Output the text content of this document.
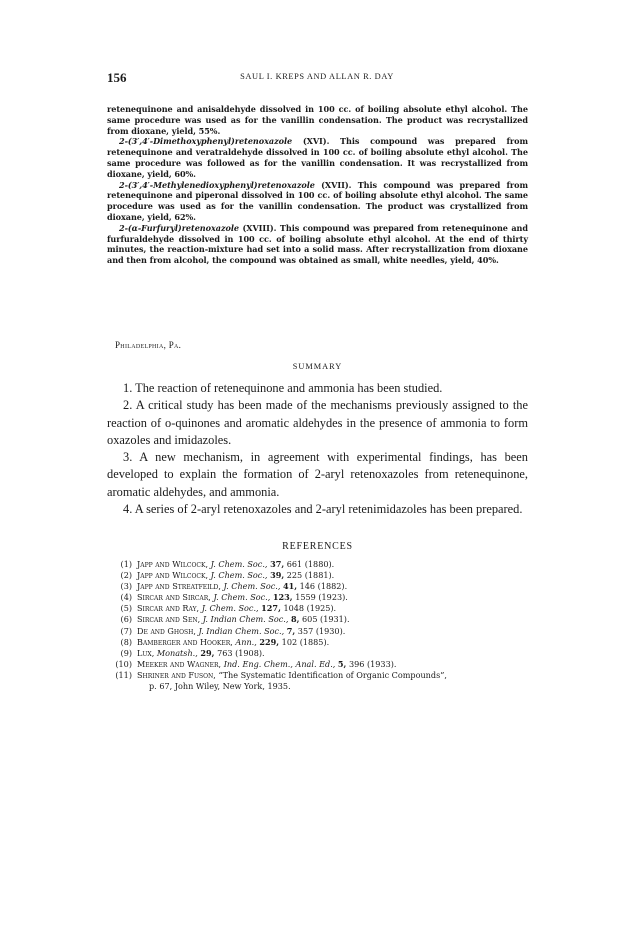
156	SAUL I. KREPS AND ALLAN R. DAY

retenequinone and anisaldehyde dissolved in 100 cc. of boiling absolute ethyl alcohol. The same procedure was used as for the vanillin condensation. The product was recrystallized from dioxane, yield, 55%.

2-(3′,4′-Dimethoxyphenyl)retenoxazole (XVI). This compound was prepared from retenequinone and veratraldehyde dissolved in 100 cc. of boiling absolute ethyl alcohol. The same procedure was followed as for the vanillin condensation. It was recrystallized from dioxane, yield, 60%.

2-(3′,4′-Methylenedioxyphenyl)retenoxazole (XVII). This compound was prepared from retenequinone and piperonal dissolved in 100 cc. of boiling absolute ethyl alcohol. The same procedure was used as for the vanillin condensation. The product was crystallized from dioxane, yield, 62%.

2-(α-Furfuryl)retenoxazole (XVIII). This compound was prepared from retenequinone and furfuraldehyde dissolved in 100 cc. of boiling absolute ethyl alcohol. At the end of thirty minutes, the reaction-mixture had set into a solid mass. After recrystallization from dioxane and then from alcohol, the compound was obtained as small, white needles, yield, 40%.

Philadelphia, Pa.
SUMMARY

1. The reaction of retenequinone and ammonia has been studied.

2. A critical study has been made of the mechanisms previously assigned to the reaction of o-quinones and aromatic aldehydes in the presence of ammonia to form oxazoles and imidazoles.

3. A new mechanism, in agreement with experimental findings, has been developed to explain the formation of 2-aryl retenoxazoles from retenequinone, aromatic aldehydes, and ammonia.

4. A series of 2-aryl retenoxazoles and 2-aryl retenimidazoles has been prepared.

REFERENCES
(1) Japp and Wilcock, J. Chem. Soc., 37, 661 (1880).
(2) Japp and Wilcock, J. Chem. Soc., 39, 225 (1881).
(3) Japp and Streatfeild, J. Chem. Soc., 41, 146 (1882).
(4) Sircar and Sircar, J. Chem. Soc., 123, 1559 (1923).
(5) Sircar and Ray, J. Chem. Soc., 127, 1048 (1925).
(6) Sircar and Sen, J. Indian Chem. Soc., 8, 605 (1931).
(7) De and Ghosh, J. Indian Chem. Soc., 7, 357 (1930).
(8) Bamberger and Hooker, Ann., 229, 102 (1885).
(9) Lux, Monatsh., 29, 763 (1908).
(10) Meeker and Wagner, Ind. Eng. Chem., Anal. Ed., 5, 396 (1933).
(11) Shriner and Fuson, “The Systematic Identification of Organic Compounds”,
p. 67, John Wiley, New York, 1935.
